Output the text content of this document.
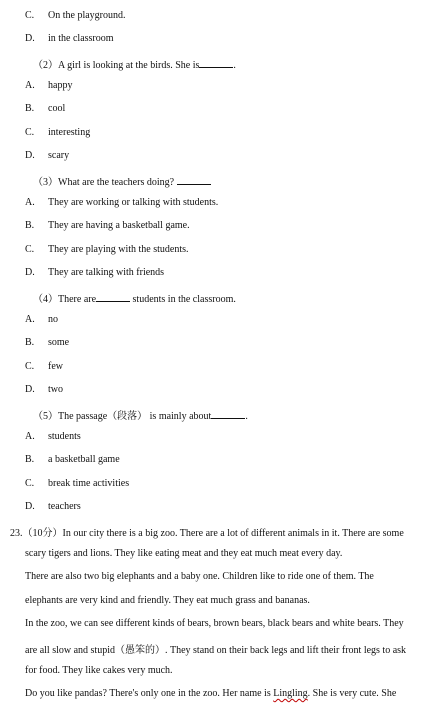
C. On the playground.
D. in the classroom
（2）A girl is looking at the birds. She is	.
A. happy
B. cool
C. interesting
D. scary
（3）What are the teachers doing?
A. They are working or talking with students.
B. They are having a basketball game.
C. They are playing with the students.
D. They are talking with friends
（4）There are	students in the classroom.
A. no
B. some
C. few
D. two
（5）The passage（段落） is mainly about	.
A. students
B. a basketball game
C. break time activities
D. teachers
23.（10分）In our city there is a big zoo. There are a lot of different animals in it. There are some
scary tigers and lions. They like eating meat and they eat much meat every day.
There are also two big elephants and a baby one. Children like to ride one of them. The
elephants are very kind and friendly. They eat much grass and bananas.
In the zoo, we can see different kinds of bears, brown bears, black bears and white bears. They
are all slow and stupid（愚笨的）. They stand on their back legs and lift their front legs to ask
for food. They like cakes very much.
Do you like pandas? There's only one in the zoo. Her name is Lingling. She is very cute. She
